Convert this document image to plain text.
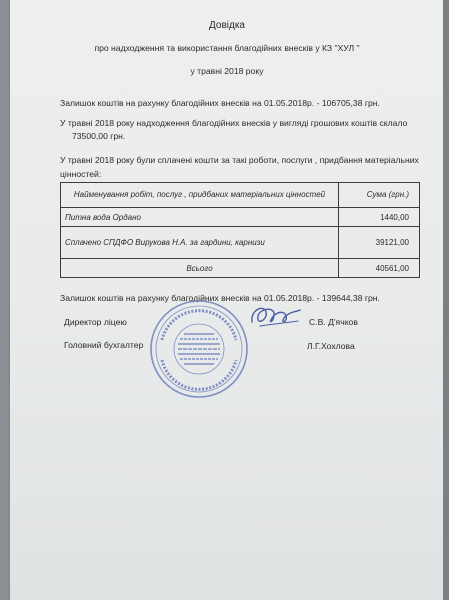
Довідка
про надходження та використання благодійних внесків у КЗ "ХУЛ "
у травні 2018 року
Залишок коштів на рахунку благодійних внесків на 01.05.2018р. - 106705,38 грн.
У травні 2018 року надходження благодійних внесків у вигляді грошових коштів склало
73500,00 грн.
У травні 2018 року були сплачені кошти за такі роботи, послуги , придбання матеріальних
цінностей:
Найменування робіт, послуг , придбаних матеріальних цінностей	Сума (грн.)
Питна вода Ордано	1440,00
Сплачено СПДФО Вирукова Н.А. за гардини, карнизи	39121,00
Всього	40561,00
Залишок коштів на рахунку благодійних внесків на 01.05.2018р. - 139644,38 грн.
Директор ліцею	С.В. Д'ячков
Головний бухгалтер	Л.Г.Хохлова
